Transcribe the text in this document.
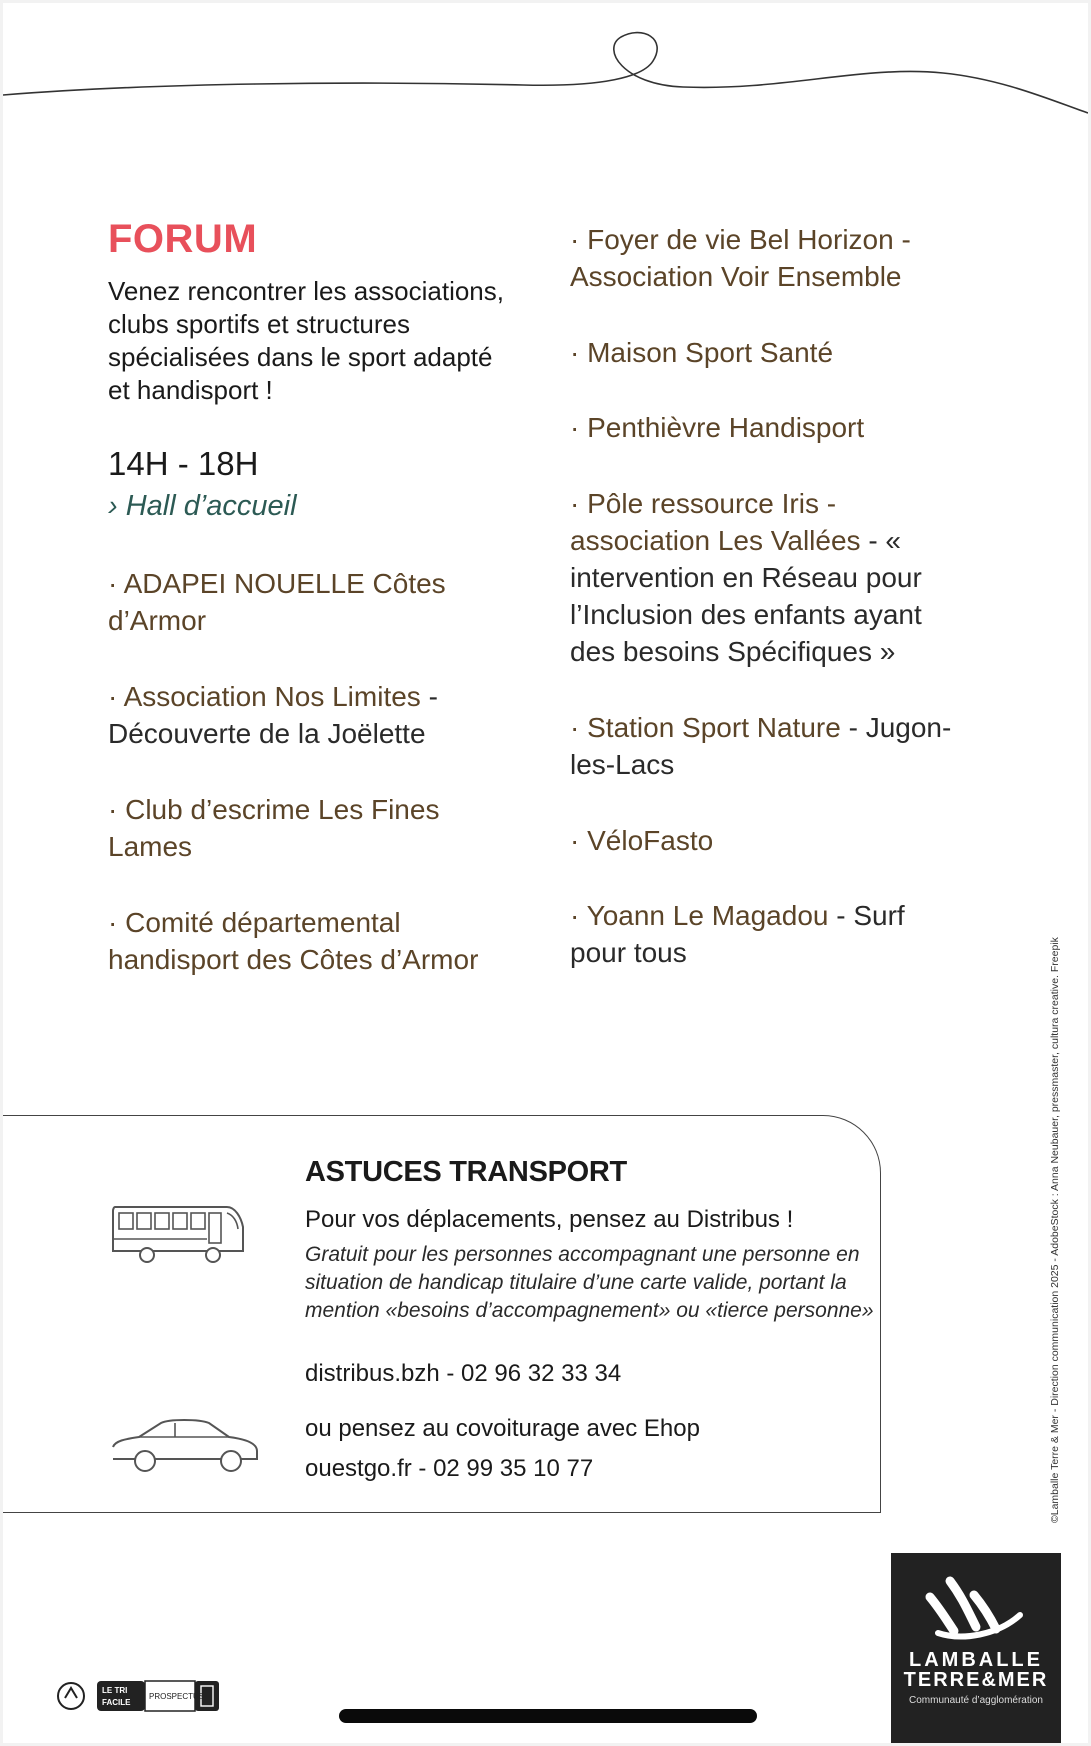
FORUM

Venez rencontrer les associations, clubs sportifs et structures spécialisées dans le sport adapté et handisport !

14H - 18H

› Hall d’accueil

· ADAPEI NOUELLE Côtes d’Armor

· Association Nos Limites - Découverte de la Joëlette

· Club d’escrime Les Fines Lames

· Comité départemental handisport des Côtes d’Armor

· Foyer de vie Bel Horizon - Association Voir Ensemble

· Maison Sport Santé

· Penthièvre Handisport

· Pôle ressource Iris - association Les Vallées - « intervention en Réseau pour l’Inclusion des enfants ayant des besoins Spécifiques »

· Station Sport Nature - Jugon-les-Lacs

· VéloFasto

· Yoann Le Magadou - Surf pour tous

ASTUCES TRANSPORT

Pour vos déplacements, pensez au Distribus !

Gratuit pour les personnes accompagnant une personne en situation de handicap titulaire d’une carte valide, portant la mention «besoins d’accompagnement» ou «tierce personne»

distribus.bzh - 02 96 32 33 34

ou pensez au covoiturage avec Ehop

ouestgo.fr - 02 99 35 10 77	©Lamballe Terre & Mer - Direction communication 2025 - AdobeStock : Anna Neubauer, pressmaster, cultura creative. Freepik

LAMBALLE

TERRE&MER

Communauté d’agglomération

LE TRI

FACILE

PROSPECTUS
